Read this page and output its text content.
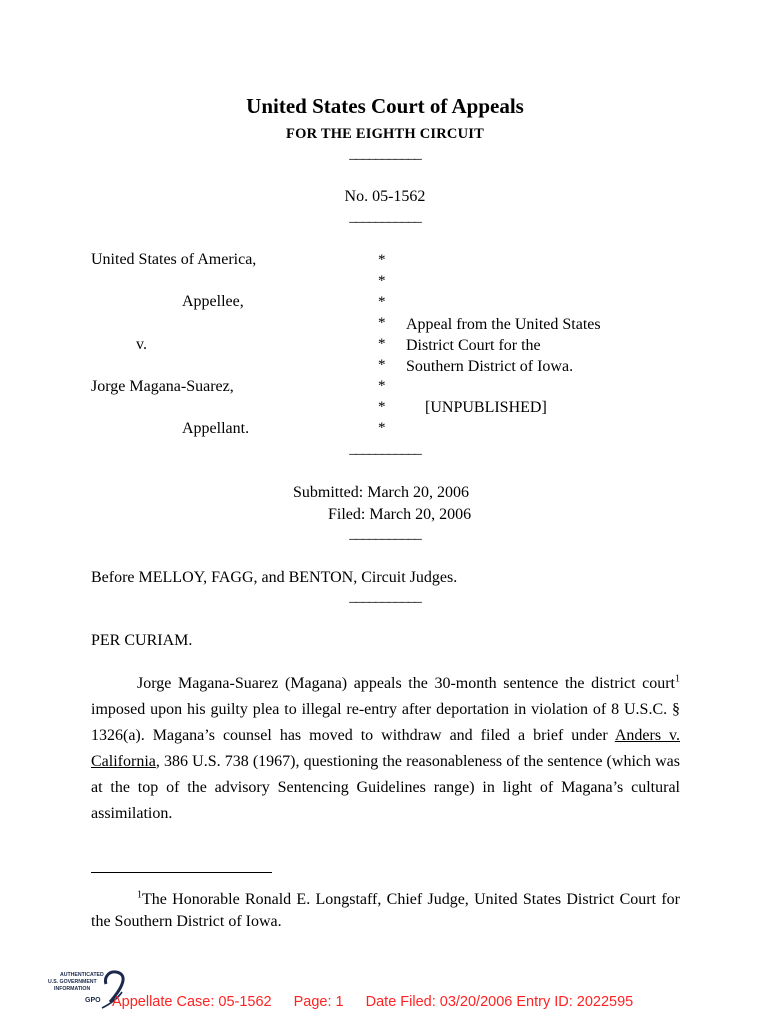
United States Court of Appeals
FOR THE EIGHTH CIRCUIT
___________
No. 05-1562
___________
United States of America,
Appellee,
v.
Jorge Magana-Suarez,
Appellant.
*
*
*
*
*
*
*
*
*
Appeal from the United States
District Court for the
Southern District of Iowa.
[UNPUBLISHED]
___________
Submitted: March 20, 2006
Filed: March 20, 2006
___________
Before MELLOY, FAGG, and BENTON, Circuit Judges.
___________
PER CURIAM.
Jorge Magana-Suarez (Magana) appeals the 30-month sentence the district court$^1$ imposed upon his guilty plea to illegal re-entry after deportation in violation of 8 U.S.C. § 1326(a). Magana’s counsel has moved to withdraw and filed a brief under Anders v. California, 386 U.S. 738 (1967), questioning the reasonableness of the sentence (which was at the top of the advisory Sentencing Guidelines range) in light of Magana’s cultural assimilation.
$^1$The Honorable Ronald E. Longstaff, Chief Judge, United States District Court for the Southern District of Iowa.
AUTHENTICATED
U.S. GOVERNMENT
INFORMATION
GPO Appellate Case: 05-1562 Page: 1 Date Filed: 03/20/2006 Entry ID: 2022595
